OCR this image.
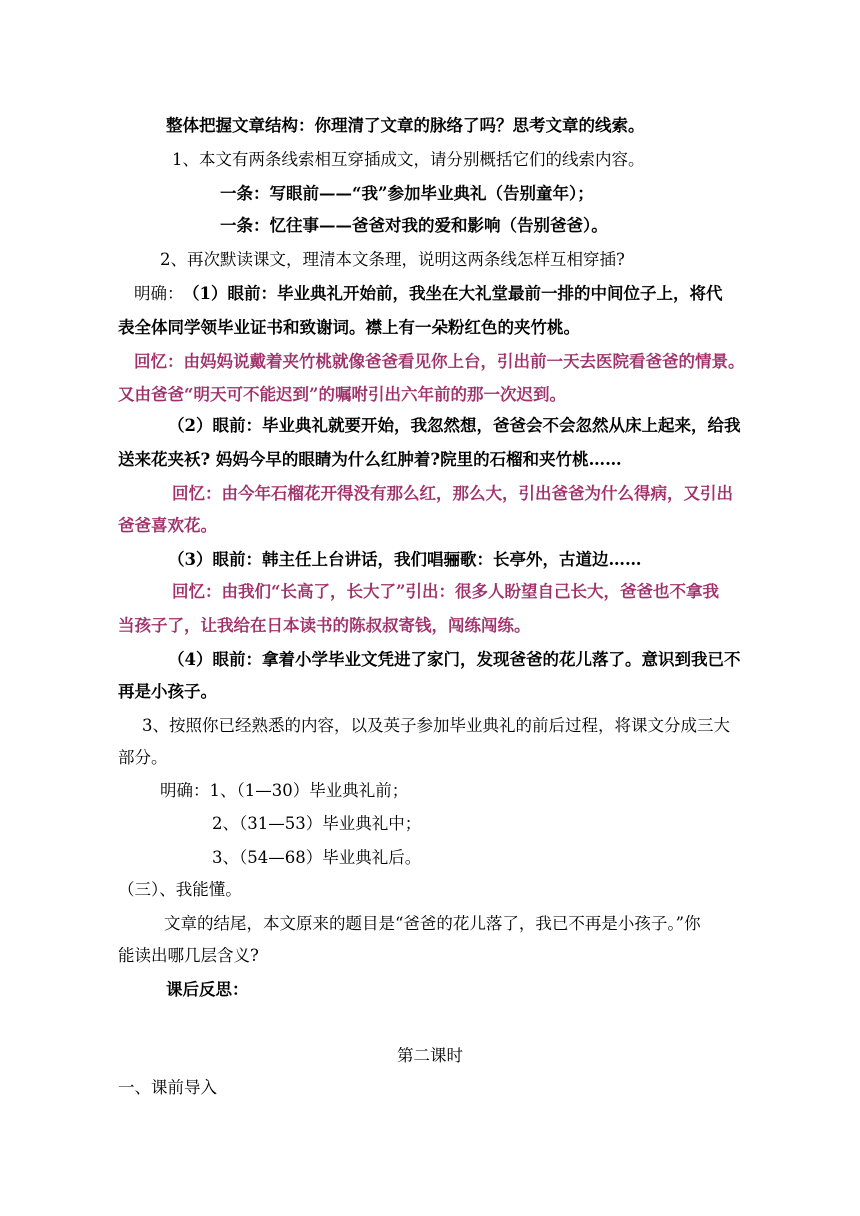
整体把握文章结构：你理清了文章的脉络了吗？思考文章的线索。

1、本文有两条线索相互穿插成文，请分别概括它们的线索内容。

一条：写眼前——“我”参加毕业典礼（告别童年）；

一条：忆往事——爸爸对我的爱和影响（告别爸爸）。

2、再次默读课文，理清本文条理，说明这两条线怎样互相穿插?

明确： （1）眼前：毕业典礼开始前，我坐在大礼堂最前一排的中间位子上，将代

表全体同学领毕业证书和致谢词。襟上有一朵粉红色的夹竹桃。

回忆：由妈妈说戴着夹竹桃就像爸爸看见你上台，引出前一天去医院看爸爸的情景。

又由爸爸“明天可不能迟到”的嘱咐引出六年前的那一次迟到。

（2）眼前：毕业典礼就要开始，我忽然想，爸爸会不会忽然从床上起来，给我

送来花夹袄? 妈妈今早的眼睛为什么红肿着?院里的石榴和夹竹桃……

回忆：由今年石榴花开得没有那么红，那么大，引出爸爸为什么得病，又引出

爸爸喜欢花。

（3）眼前：韩主任上台讲话，我们唱骊歌：长亭外，古道边……

回忆：由我们“长高了，长大了”引出：很多人盼望自己长大，爸爸也不拿我

当孩子了，让我给在日本读书的陈叔叔寄钱，闯练闯练。

（4）眼前：拿着小学毕业文凭进了家门，发现爸爸的花儿落了。意识到我已不

再是小孩子。

3、按照你已经熟悉的内容，以及英子参加毕业典礼的前后过程，将课文分成三大

部分。

明确：1、（1—30）毕业典礼前；

2、（31—53）毕业典礼中；

3、（54—68）毕业典礼后。

（三）、我能懂。

文章的结尾，本文原来的题目是“爸爸的花儿落了，我已不再是小孩子。”你

能读出哪几层含义?

课后反思：

第二课时

一、课前导入
